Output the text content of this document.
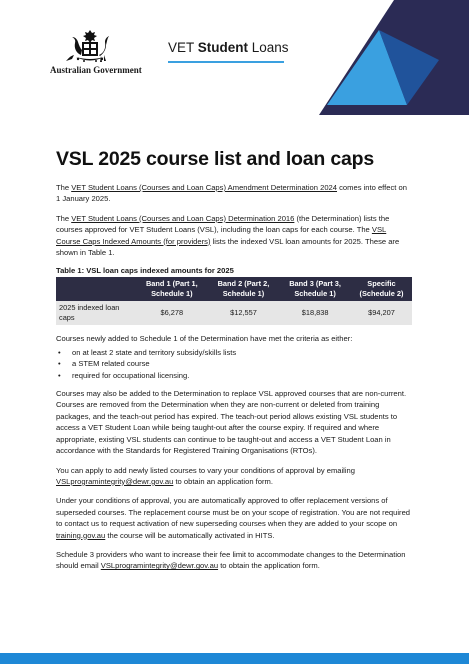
Australian Government
VET Student Loans
VSL 2025 course list and loan caps

The VET Student Loans (Courses and Loan Caps) Amendment Determination 2024 comes into effect on 1 January 2025.

The VET Student Loans (Courses and Loan Caps) Determination 2016 (the Determination) lists the courses approved for VET Student Loans (VSL), including the loan caps for each course. The VSL Course Caps Indexed Amounts (for providers) lists the indexed VSL loan amounts for 2025. These are shown in Table 1.

Table 1: VSL loan caps indexed amounts for 2025
	Band 1 (Part 1, Schedule 1)	Band 2 (Part 2, Schedule 1)	Band 3 (Part 3, Schedule 1)	Specific (Schedule 2)
2025 indexed loan caps	$6,278	$12,557	$18,838	$94,207

Courses newly added to Schedule 1 of the Determination have met the criteria as either:

• on at least 2 state and territory subsidy/skills lists
• a STEM related course
• required for occupational licensing.

Courses may also be added to the Determination to replace VSL approved courses that are non-current. Courses are removed from the Determination when they are non-current or deleted from training packages, and the teach-out period has expired. The teach-out period allows existing VSL students to access a VET Student Loan while being taught-out after the course expiry. If required and where appropriate, existing VSL students can continue to be taught-out and access a VET Student Loan in accordance with the Standards for Registered Training Organisations (RTOs).

You can apply to add newly listed courses to vary your conditions of approval by emailing VSLprogramintegrity@dewr.gov.au to obtain an application form.

Under your conditions of approval, you are automatically approved to offer replacement versions of superseded courses. The replacement course must be on your scope of registration. You are not required to contact us to request activation of new superseding courses when they are added to your scope on training.gov.au the course will be automatically activated in HITS.

Schedule 3 providers who want to increase their fee limit to accommodate changes to the Determination should email VSLprogramintegrity@dewr.gov.au to obtain the application form.
